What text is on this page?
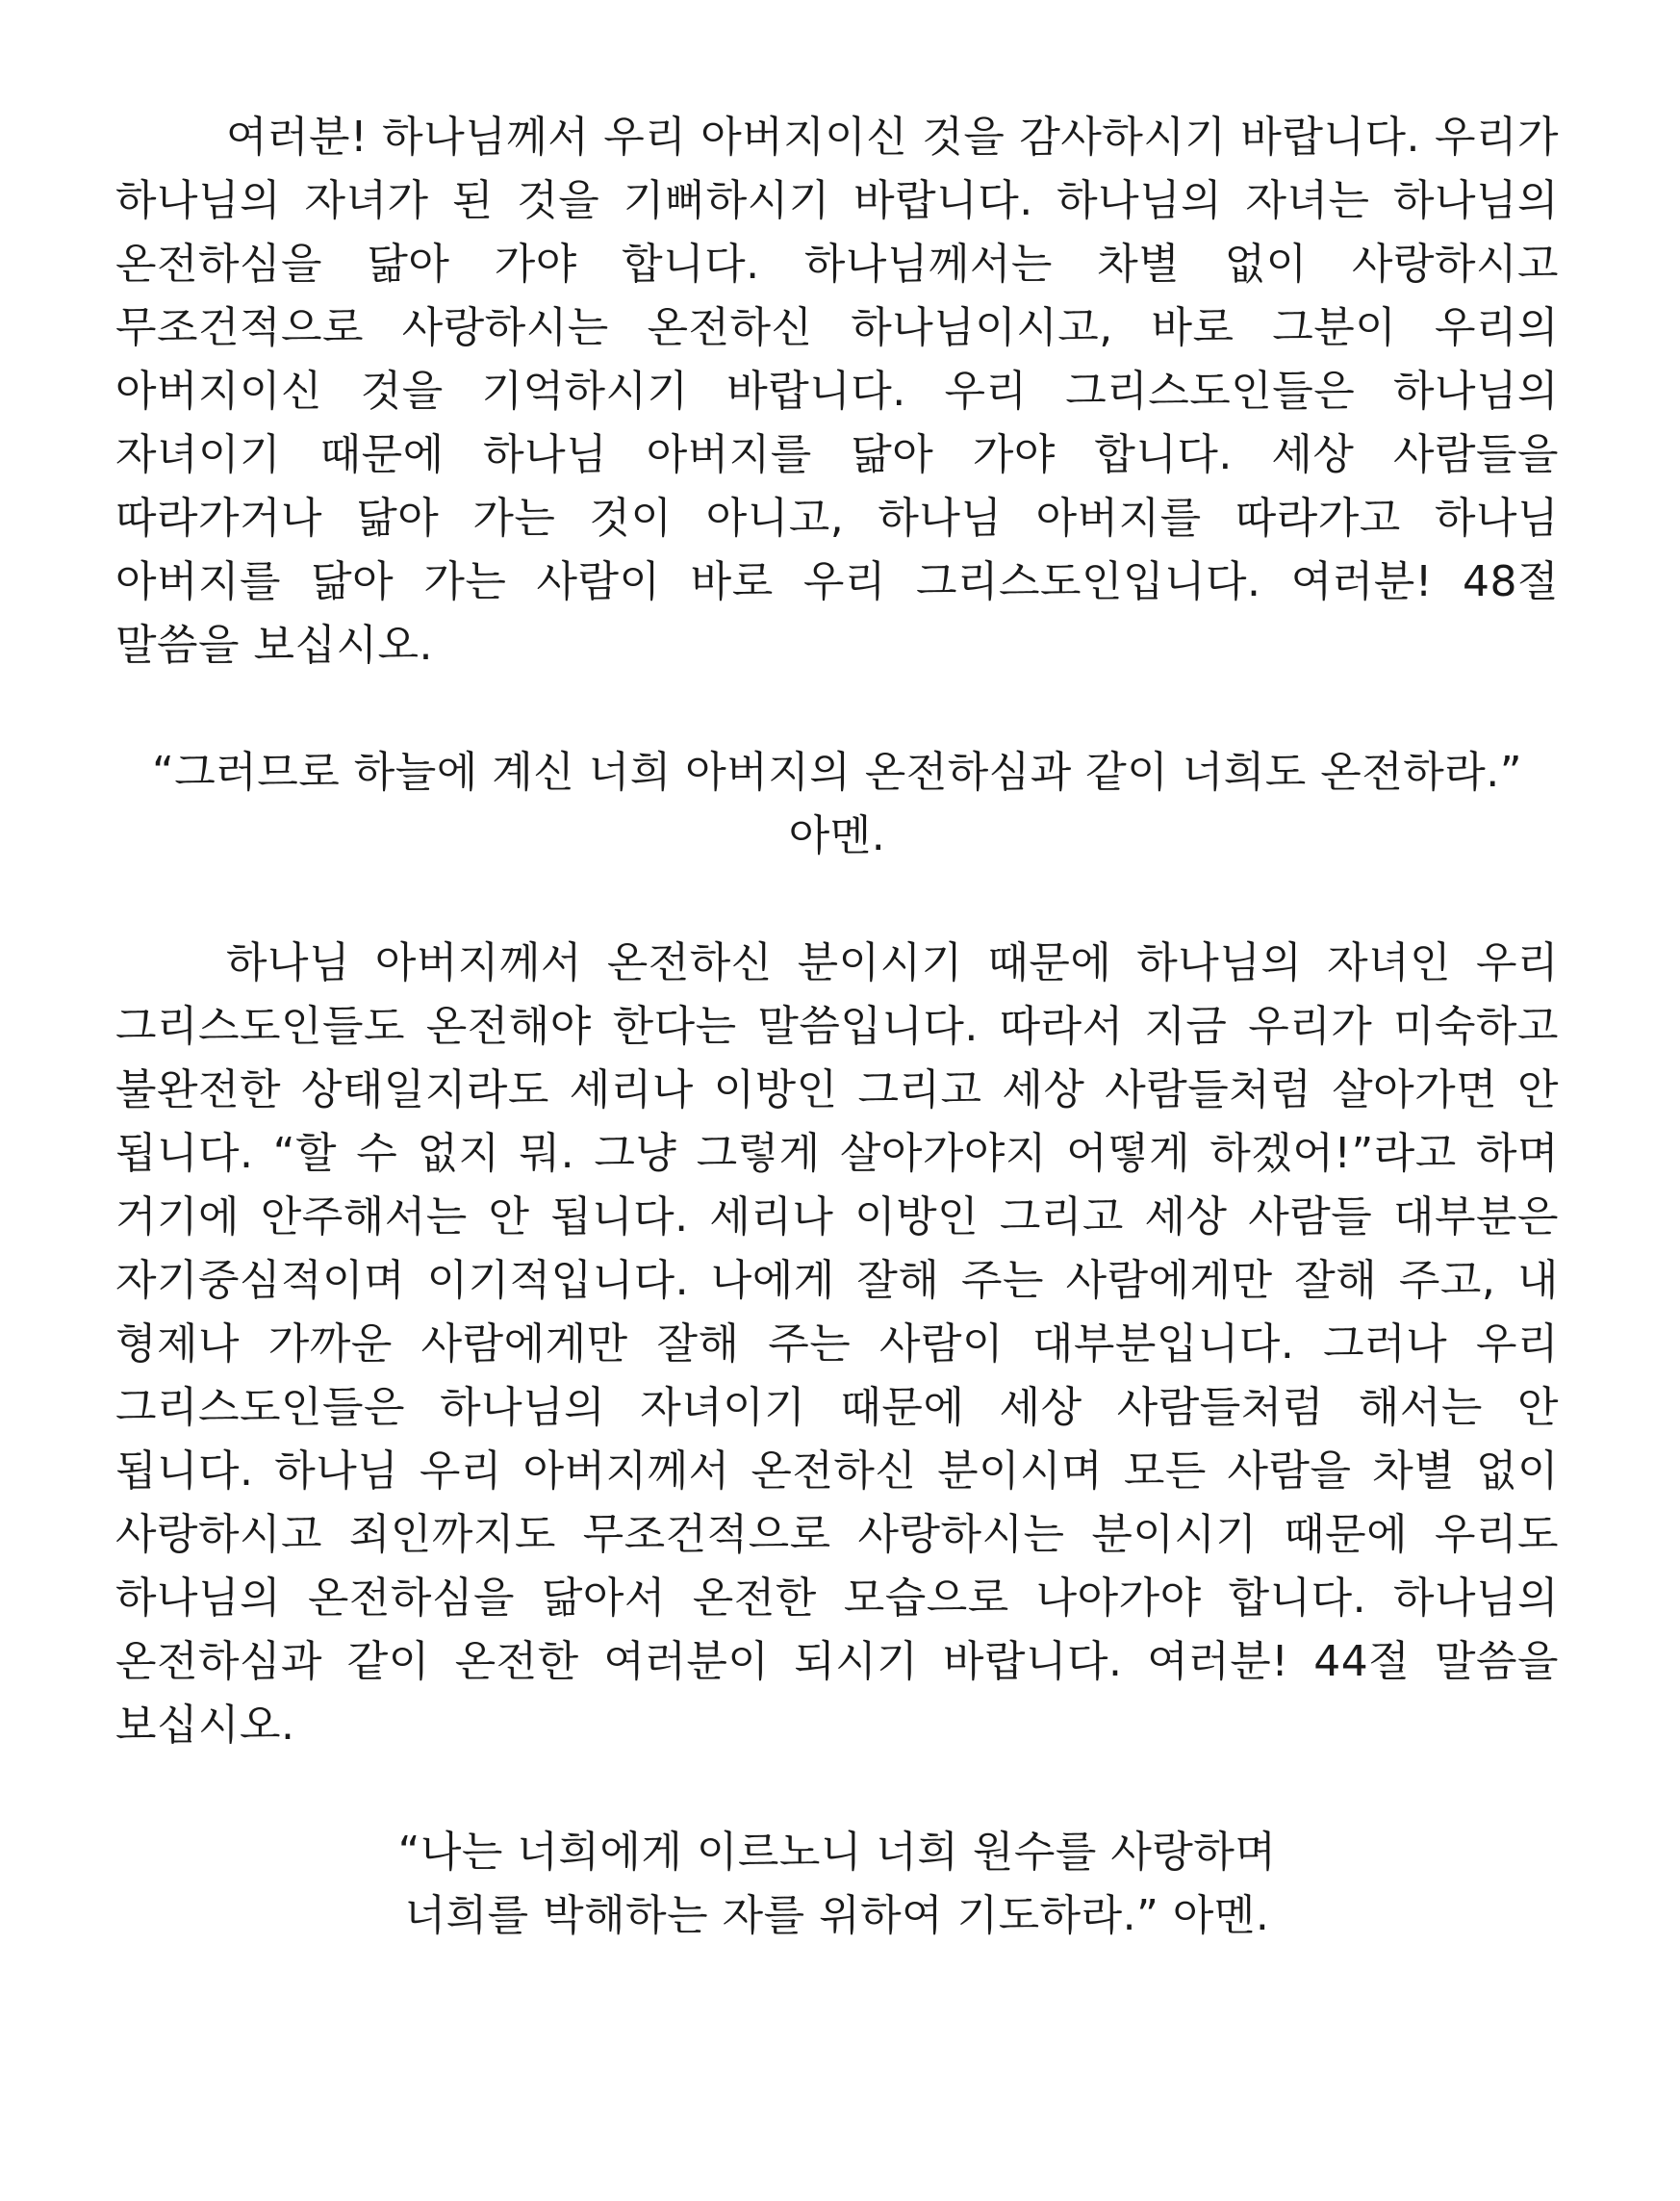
여러분! 하나님께서 우리 아버지이신 것을 감사하시기 바랍니다. 우리가 하나님의 자녀가 된 것을 기뻐하시기 바랍니다. 하나님의 자녀는 하나님의 온전하심을 닮아 가야 합니다. 하나님께서는 차별 없이 사랑하시고 무조건적으로 사랑하시는 온전하신 하나님이시고, 바로 그분이 우리의 아버지이신 것을 기억하시기 바랍니다. 우리 그리스도인들은 하나님의 자녀이기 때문에 하나님 아버지를 닮아 가야 합니다. 세상 사람들을 따라가거나 닮아 가는 것이 아니고, 하나님 아버지를 따라가고 하나님 아버지를 닮아 가는 사람이 바로 우리 그리스도인입니다. 여러분! 48절 말씀을 보십시오.

“그러므로 하늘에 계신 너희 아버지의 온전하심과 같이 너희도 온전하라.”

아멘.

하나님 아버지께서 온전하신 분이시기 때문에 하나님의 자녀인 우리 그리스도인들도 온전해야 한다는 말씀입니다. 따라서 지금 우리가 미숙하고 불완전한 상태일지라도 세리나 이방인 그리고 세상 사람들처럼 살아가면 안 됩니다. “할 수 없지 뭐. 그냥 그렇게 살아가야지 어떻게 하겠어!”라고 하며 거기에 안주해서는 안 됩니다. 세리나 이방인 그리고 세상 사람들 대부분은 자기중심적이며 이기적입니다. 나에게 잘해 주는 사람에게만 잘해 주고, 내 형제나 가까운 사람에게만 잘해 주는 사람이 대부분입니다. 그러나 우리 그리스도인들은 하나님의 자녀이기 때문에 세상 사람들처럼 해서는 안 됩니다. 하나님 우리 아버지께서 온전하신 분이시며 모든 사람을 차별 없이 사랑하시고 죄인까지도 무조건적으로 사랑하시는 분이시기 때문에 우리도 하나님의 온전하심을 닮아서 온전한 모습으로 나아가야 합니다. 하나님의 온전하심과 같이 온전한 여러분이 되시기 바랍니다. 여러분! 44절 말씀을 보십시오.

“나는 너희에게 이르노니 너희 원수를 사랑하며

너희를 박해하는 자를 위하여 기도하라.” 아멘.
